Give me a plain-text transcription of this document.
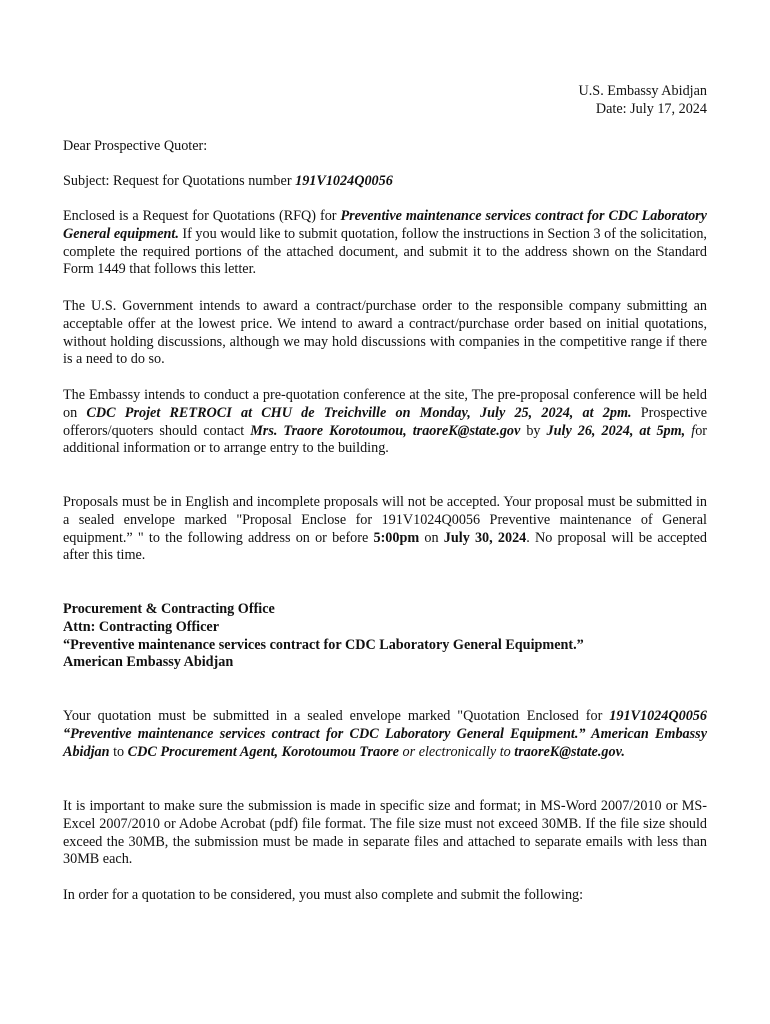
U.S. Embassy Abidjan
Date: July 17, 2024

Dear Prospective Quoter:

Subject: Request for Quotations number 191V1024Q0056

Enclosed is a Request for Quotations (RFQ) for Preventive maintenance services contract for CDC Laboratory General equipment. If you would like to submit quotation, follow the instructions in Section 3 of the solicitation, complete the required portions of the attached document, and submit it to the address shown on the Standard Form 1449 that follows this letter.

The U.S. Government intends to award a contract/purchase order to the responsible company submitting an acceptable offer at the lowest price. We intend to award a contract/purchase order based on initial quotations, without holding discussions, although we may hold discussions with companies in the competitive range if there is a need to do so.

The Embassy intends to conduct a pre-quotation conference at the site, The pre-proposal conference will be held on CDC Projet RETROCI at CHU de Treichville on Monday, July 25, 2024, at 2pm. Prospective offerors/quoters should contact Mrs. Traore Korotoumou, traoreK@state.gov by July 26, 2024, at 5pm, for additional information or to arrange entry to the building.

Proposals must be in English and incomplete proposals will not be accepted. Your proposal must be submitted in a sealed envelope marked "Proposal Enclose for 191V1024Q0056 Preventive maintenance of General equipment.” " to the following address on or before 5:00pm on July 30, 2024. No proposal will be accepted after this time.

Procurement & Contracting Office
Attn: Contracting Officer
“Preventive maintenance services contract for CDC Laboratory General Equipment.”
American Embassy Abidjan

Your quotation must be submitted in a sealed envelope marked "Quotation Enclosed for 191V1024Q0056 “Preventive maintenance services contract for CDC Laboratory General Equipment.” American Embassy Abidjan to CDC Procurement Agent, Korotoumou Traore or electronically to traoreK@state.gov.

It is important to make sure the submission is made in specific size and format; in MS-Word 2007/2010 or MS-Excel 2007/2010 or Adobe Acrobat (pdf) file format. The file size must not exceed 30MB. If the file size should exceed the 30MB, the submission must be made in separate files and attached to separate emails with less than 30MB each.

In order for a quotation to be considered, you must also complete and submit the following:
